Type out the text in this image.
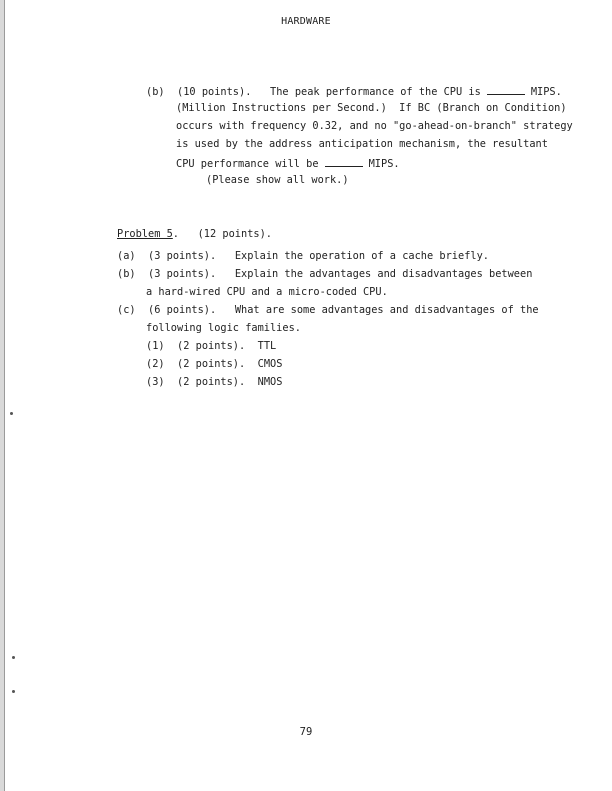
HARDWARE
(b) (10 points). The peak performance of the CPU is	MIPS.
(Million Instructions per Second.)  If BC (Branch on Condition)
occurs with frequency 0.32, and no "go-ahead-on-branch" strategy
is used by the address anticipation mechanism, the resultant
CPU performance will be	MIPS.
(Please show all work.)
Problem 5. (12 points).
(a) (3 points). Explain the operation of a cache briefly.
(b) (3 points). Explain the advantages and disadvantages between
a hard-wired CPU and a micro-coded CPU.
(c) (6 points). What are some advantages and disadvantages of the
following logic families.
(1) (2 points). TTL
(2) (2 points). CMOS
(3) (2 points). NMOS
79
